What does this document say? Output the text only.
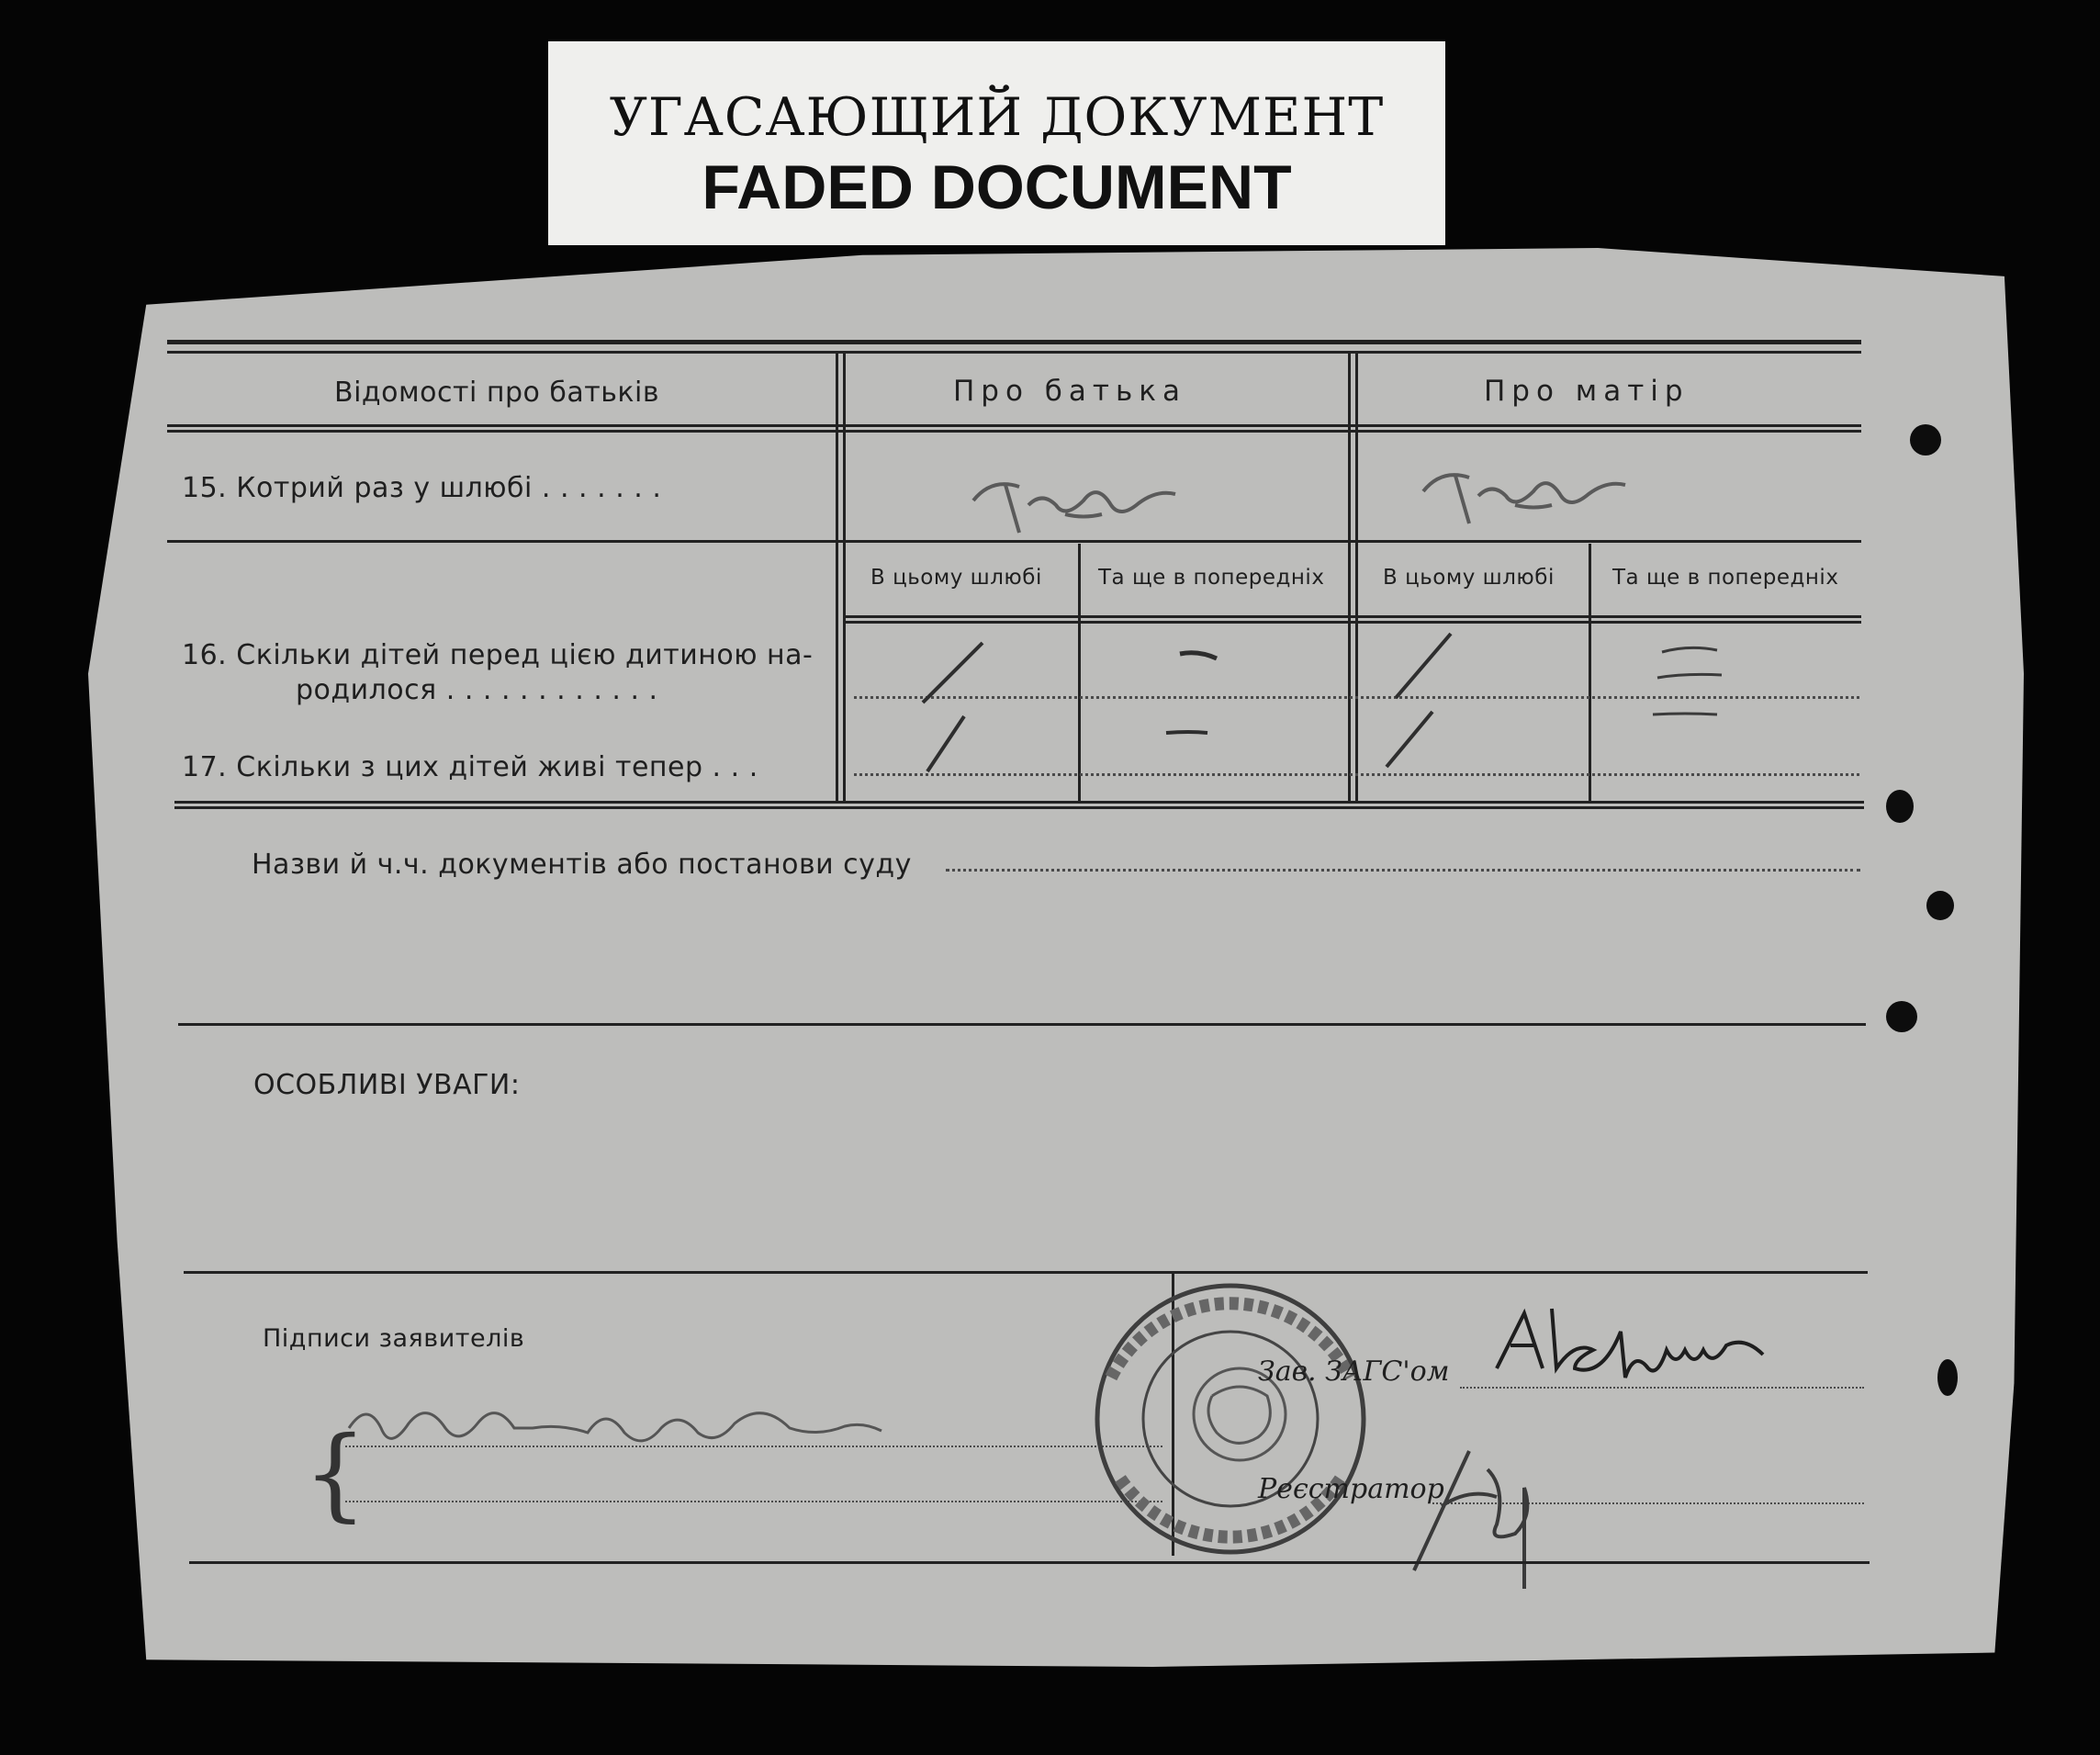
УГАСАЮЩИЙ ДОКУМЕНТ
FADED DOCUMENT
Відомості про батьків	Про батька	Про матір
15. Котрий раз у шлюбі . . . . . . .
В цьому шлюбі	Та ще в попередніх	В цьому шлюбі	Та ще в попередніх
16. Скільки дітей перед цією дитиною на-
родилося . . . . . . . . . . . .
17. Скільки з цих дітей живі тепер . . .
Назви й ч.ч. документів або постанови суду
ОСОБЛИВІ УВАГИ:
Підписи заявителів
{
Зав. ЗАГС'ом
Реєстратор
